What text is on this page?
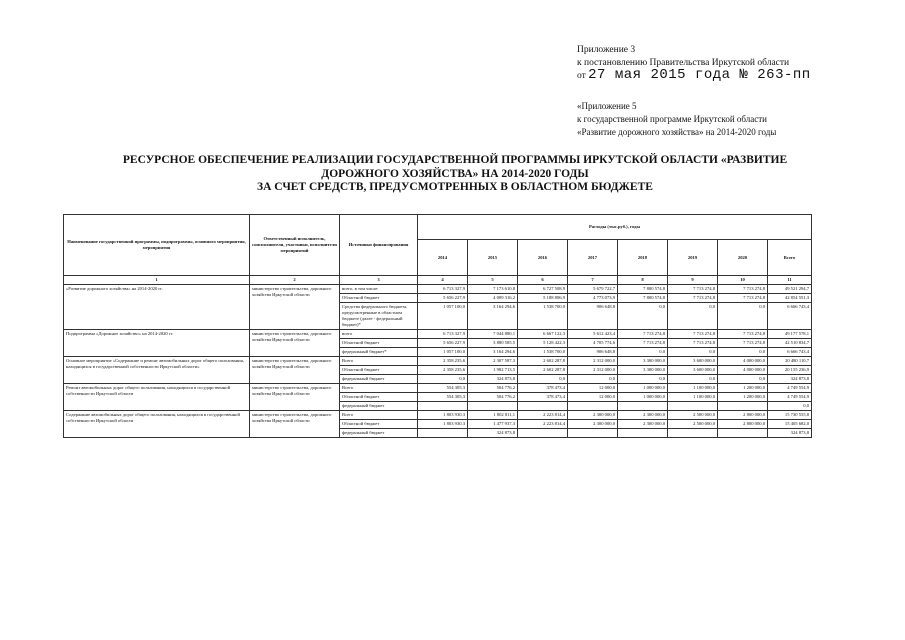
Приложение 3
к постановлению Правительства Иркутской области
от 27 мая 2015 года № 263-пп
«Приложение 5
к государственной программе Иркутской области
«Развитие дорожного хозяйства» на 2014-2020 годы
РЕСУРСНОЕ ОБЕСПЕЧЕНИЕ РЕАЛИЗАЦИИ ГОСУДАРСТВЕННОЙ ПРОГРАММЫ ИРКУТСКОЙ ОБЛАСТИ «РАЗВИТИЕ
ДОРОЖНОГО ХОЗЯЙСТВА» НА 2014-2020 ГОДЫ
ЗА СЧЕТ СРЕДСТВ, ПРЕДУСМОТРЕННЫХ В ОБЛАСТНОМ БЮДЖЕТЕ
Наименование государственной программы, подпрограммы, основного мероприятия, мероприятия	Ответственный исполнитель, соисполнители, участники, исполнители мероприятий	Источники финансирования	Расходы (тыс.руб.), годы							
			2014	2015	2016	2017	2018	2019	2020	Всего
1	2	3	4	5	6	7	8	9	10	11
«Развитие дорожного хозяйства» на 2014-2020 гг.	министерство строительства, дорожного хозяйства Иркутской области	всего, в том числе:	6 713 327,9	7 173 610,8	6 727 508,9	5 679 722,7	7 800 574,8	7 713 274,8	7 713 274,8	49 521 294,7
		Областной бюджет	5 656 227,9	4 009 316,2	5 188 806,9	4 773 073,9	7 800 574,8	7 713 274,8	7 713 274,8	42 854 551,3
		Средства федерального бюджета, предусмотренные в областном бюджете (далее - федеральный бюджет)*	1 057 100,0	3 164 294,6	1 538 700,0	906 648,8	0,0	0,0	0,0	6 666 743,4
Подпрограмма «Дорожное хозяйство» на 2014-2020 гг.	министерство строительства, дорожного хозяйства Иркутской области	всего	6 713 327,9	7 044 880,1	6 667 122,3	5 612 423,4	7 713 274,8	7 713 274,8	7 713 274,8	49 177 578,1
		Областной бюджет	5 656 227,9	3 880 585,5	5 128 422,3	4 705 774,6	7 713 274,8	7 713 274,8	7 713 274,8	42 510 834,7
		федеральный бюджет*	1 057 100,0	3 164 294,6	1 538 700,0	906 648,8	0,0	0,0	0,0	6 666 743,4
Основное мероприятие «Содержание и ремонт автомобильных дорог общего пользования, находящихся в государственной собственности Иркутской области»	министерство строительства, дорожного хозяйства Иркутской области	Всего	2 358 235,6	2 307 587,3	2 602 287,8	2 312 000,0	3 300 000,0	3 600 000,0	4 000 000,0	20 480 110,7
		Областной бюджет	2 358 235,6	1 982 713,5	2 602 287,8	2 312 000,0	3 300 000,0	3 600 000,0	4 000 000,0	20 155 236,9
		федеральный бюджет	0,0	324 873,8	0,0	0,0	0,0	0,0	0,0	324 873,8
Ремонт автомобильных дорог общего пользования, находящихся в государственной собственности Иркутской области	министерство строительства, дорожного хозяйства Иркутской области	Всего	554 305,3	504 776,2	378 473,4	12 000,0	1 000 000,0	1 100 000,0	1 200 000,0	4 749 554,9
		Областной бюджет	554 305,3	504 776,2	378 473,4	12 000,0	1 000 000,0	1 100 000,0	1 200 000,0	4 749 554,9
		федеральный бюджет								0,0
Содержание автомобильных дорог общего пользования, находящихся в государственной собственности Иркутской области	министерство строительства, дорожного хозяйства Иркутской области	Всего	1 803 930,3	1 802 811,1	2 223 814,4	2 300 000,0	2 300 000,0	2 500 000,0	2 800 000,0	15 730 555,8
		Областной бюджет	1 803 930,3	1 477 937,3	2 223 814,4	2 300 000,0	2 300 000,0	2 500 000,0	2 800 000,0	15 405 682,0
		федеральный бюджет		324 873,8						324 873,8
